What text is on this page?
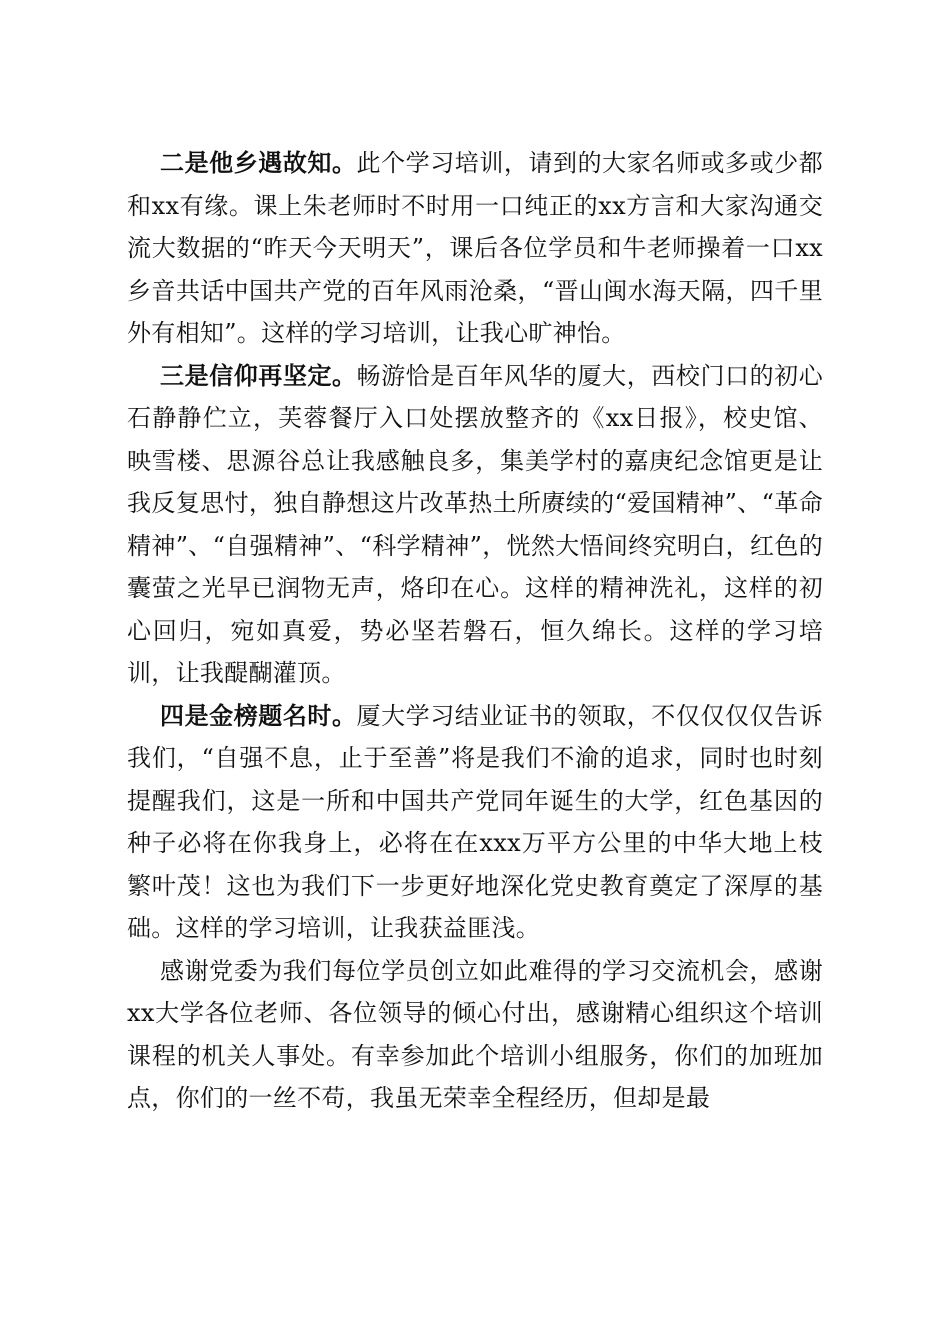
二是他乡遇故知。此个学习培训，请到的大家名师或多或少都和xx有缘。课上朱老师时不时用一口纯正的xx方言和大家沟通交流大数据的“昨天今天明天”，课后各位学员和牛老师操着一口xx乡音共话中国共产党的百年风雨沧桑，“晋山闽水海天隔，四千里外有相知”。这样的学习培训，让我心旷神怡。

三是信仰再坚定。畅游恰是百年风华的厦大，西校门口的初心石静静伫立，芙蓉餐厅入口处摆放整齐的《xx日报》，校史馆、映雪楼、思源谷总让我感触良多，集美学村的嘉庚纪念馆更是让我反复思忖，独自静想这片改革热土所赓续的“爱国精神”、“革命精神”、“自强精神”、“科学精神”，恍然大悟间终究明白，红色的囊萤之光早已润物无声，烙印在心。这样的精神洗礼，这样的初心回归，宛如真爱，势必坚若磐石，恒久绵长。这样的学习培训，让我醍醐灌顶。

四是金榜题名时。厦大学习结业证书的领取，不仅仅仅仅告诉我们，“自强不息，止于至善”将是我们不渝的追求，同时也时刻提醒我们，这是一所和中国共产党同年诞生的大学，红色基因的种子必将在你我身上，必将在在xxx万平方公里的中华大地上枝繁叶茂！这也为我们下一步更好地深化党史教育奠定了深厚的基础。这样的学习培训，让我获益匪浅。

感谢党委为我们每位学员创立如此难得的学习交流机会，感谢xx大学各位老师、各位领导的倾心付出，感谢精心组织这个培训课程的机关人事处。有幸参加此个培训小组服务，你们的加班加点，你们的一丝不苟，我虽无荣幸全程经历，但却是最
